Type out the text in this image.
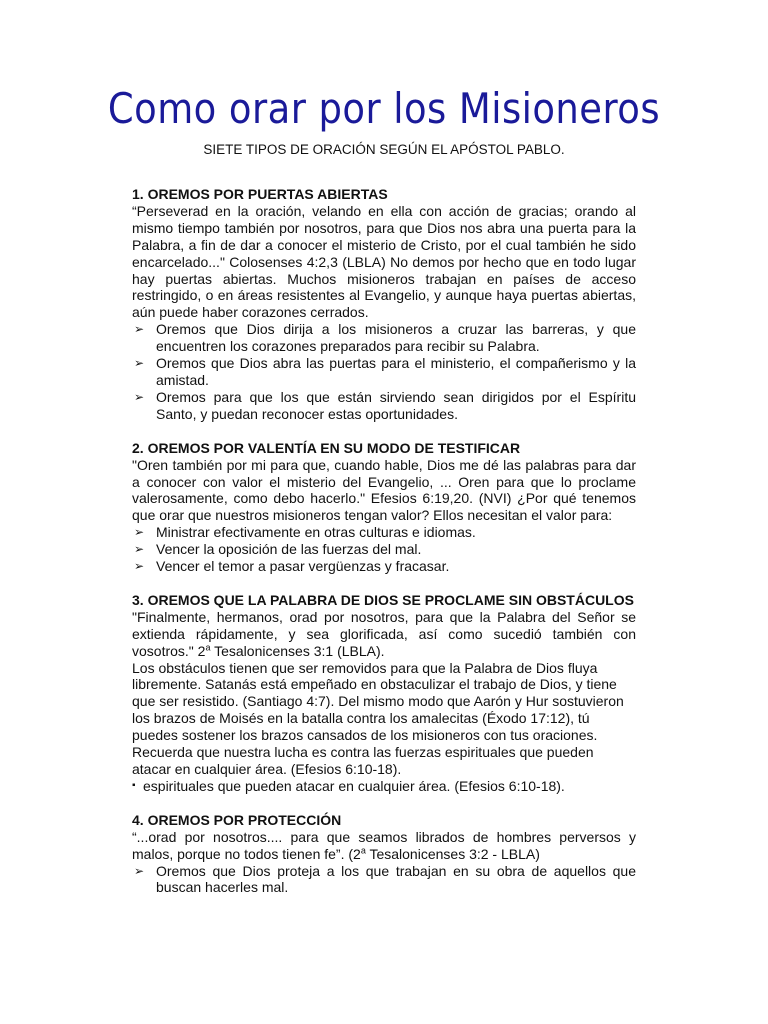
Como orar por los Misioneros

SIETE TIPOS DE ORACIÓN SEGÚN EL APÓSTOL PABLO.

1. OREMOS POR PUERTAS ABIERTAS

“Perseverad en la oración, velando en ella con acción de gracias; orando al mismo tiempo también por nosotros, para que Dios nos abra una puerta para la Palabra, a fin de dar a conocer el misterio de Cristo, por el cual también he sido encarcelado..." Colosenses 4:2,3 (LBLA) No demos por hecho que en todo lugar hay puertas abiertas. Muchos misioneros trabajan en países de acceso restringido, o en áreas resistentes al Evangelio, y aunque haya puertas abiertas, aún puede haber corazones cerrados.

➢ Oremos que Dios dirija a los misioneros a cruzar las barreras, y que encuentren los corazones preparados para recibir su Palabra.
➢ Oremos que Dios abra las puertas para el ministerio, el compañerismo y la amistad.
➢ Oremos para que los que están sirviendo sean dirigidos por el Espíritu Santo, y puedan reconocer estas oportunidades.
2. OREMOS POR VALENTÍA EN SU MODO DE TESTIFICAR

"Oren también por mi para que, cuando hable, Dios me dé las palabras para dar a conocer con valor el misterio del Evangelio, ... Oren para que lo proclame valerosamente, como debo hacerlo." Efesios 6:19,20. (NVI) ¿Por qué tenemos que orar que nuestros misioneros tengan valor? Ellos necesitan el valor para:

➢ Ministrar efectivamente en otras culturas e idiomas.
➢ Vencer la oposición de las fuerzas del mal.
➢ Vencer el temor a pasar vergüenzas y fracasar.
3. OREMOS QUE LA PALABRA DE DIOS SE PROCLAME SIN OBSTÁCULOS

"Finalmente, hermanos, orad por nosotros, para que la Palabra del Señor se extienda rápidamente, y sea glorificada, así como sucedió también con vosotros." 2$^a$ Tesalonicenses 3:1 (LBLA).

Los obstáculos tienen que ser removidos para que la Palabra de Dios fluya libremente. Satanás está empeñado en obstaculizar el trabajo de Dios, y tiene que ser resistido. (Santiago 4:7). Del mismo modo que Aarón y Hur sostuvieron los brazos de Moisés en la batalla contra los amalecitas (Éxodo 17:12), tú puedes sostener los brazos cansados de los misioneros con tus oraciones. Recuerda que nuestra lucha es contra las fuerzas espirituales que pueden atacar en cualquier área. (Efesios 6:10-18).

▪ espirituales que pueden atacar en cualquier área. (Efesios 6:10-18).
4. OREMOS POR PROTECCIÓN

“...orad por nosotros.... para que seamos librados de hombres perversos y malos, porque no todos tienen fe”. (2$^a$ Tesalonicenses 3:2 - LBLA)

➢ Oremos que Dios proteja a los que trabajan en su obra de aquellos que buscan hacerles mal.
